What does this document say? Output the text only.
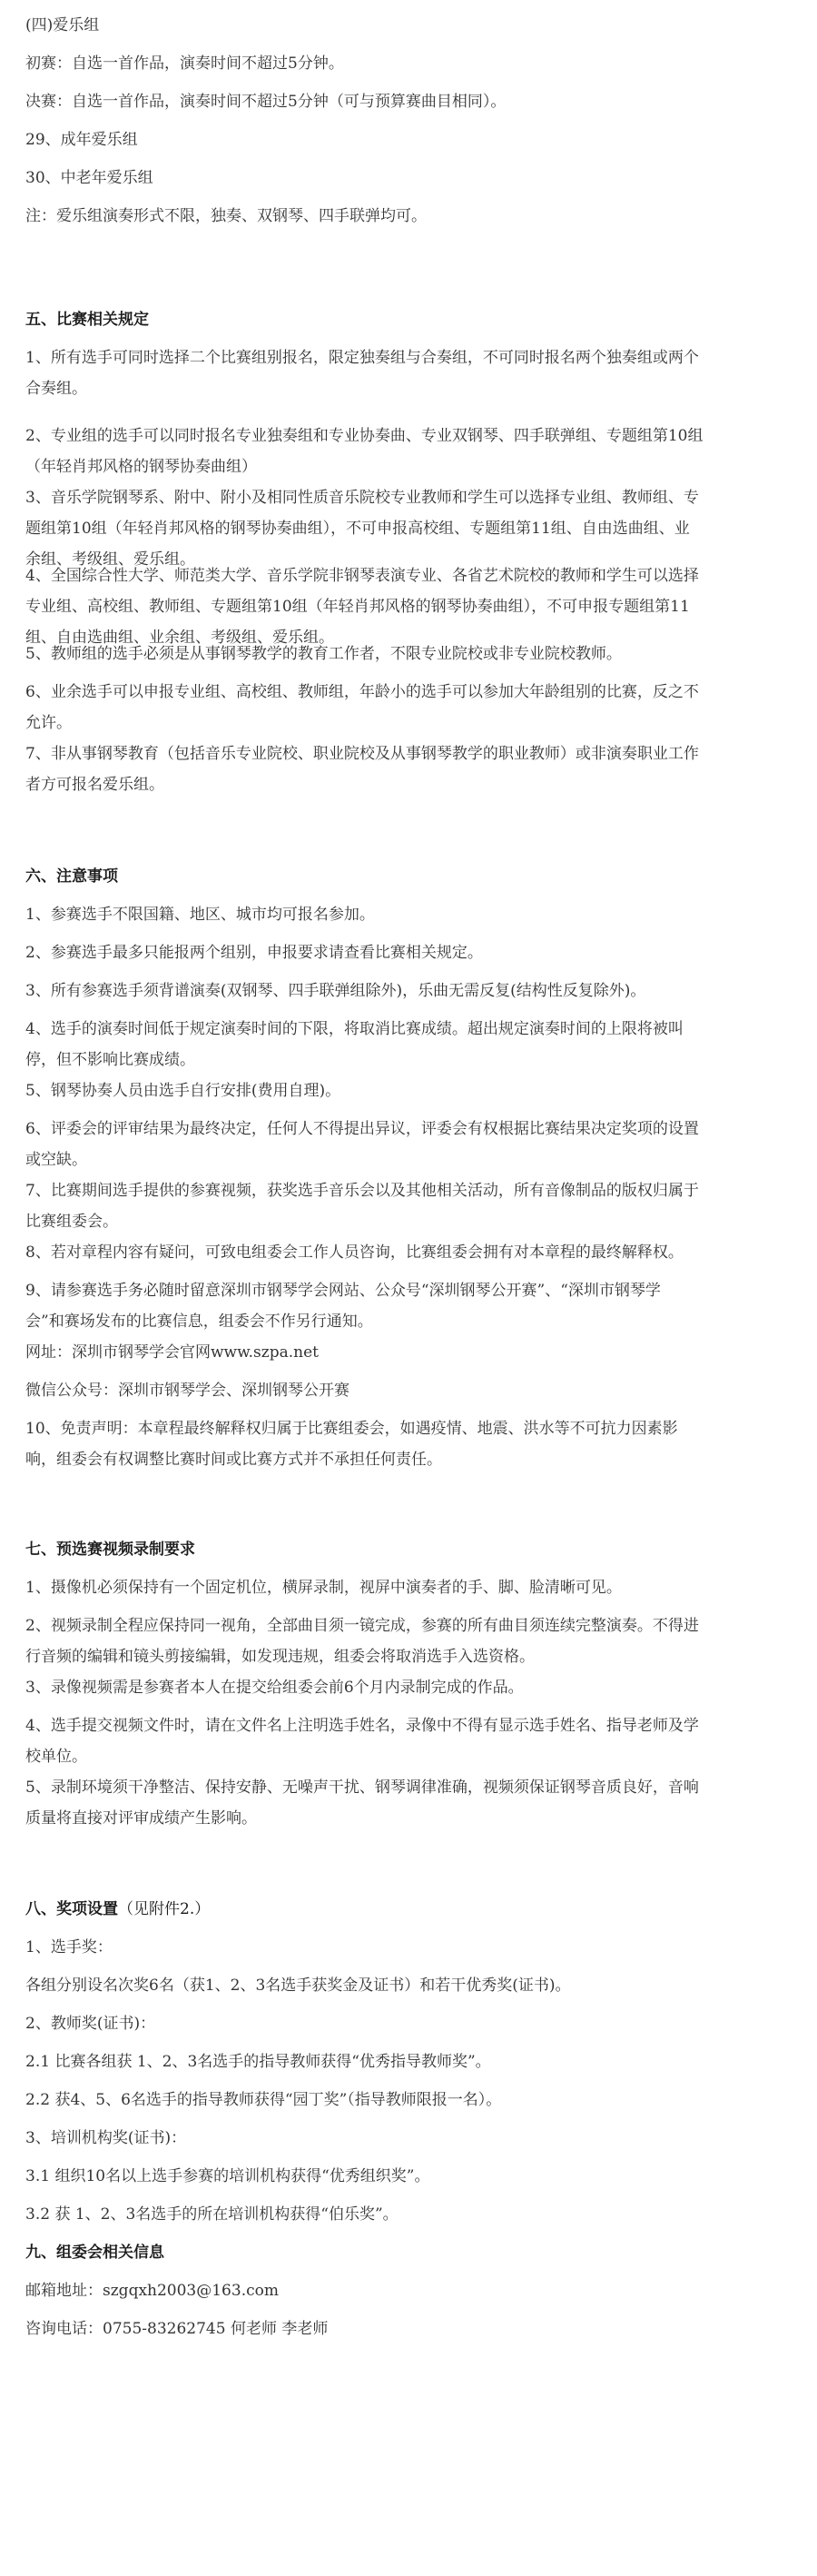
(四)爱乐组
初赛：自选一首作品，演奏时间不超过5分钟。
决赛：自选一首作品，演奏时间不超过5分钟（可与预算赛曲目相同）。
29、成年爱乐组
30、中老年爱乐组
注：爱乐组演奏形式不限，独奏、双钢琴、四手联弹均可。
五、比赛相关规定
1、所有选手可同时选择二个比赛组别报名，限定独奏组与合奏组，不可同时报名两个独奏组或两个
合奏组。
2、专业组的选手可以同时报名专业独奏组和专业协奏曲、专业双钢琴、四手联弹组、专题组第10组
（年轻肖邦风格的钢琴协奏曲组）
3、音乐学院钢琴系、附中、附小及相同性质音乐院校专业教师和学生可以选择专业组、教师组、专
题组第10组（年轻肖邦风格的钢琴协奏曲组），不可申报高校组、专题组第11组、自由选曲组、业
余组、考级组、爱乐组。
4、全国综合性大学、师范类大学、音乐学院非钢琴表演专业、各省艺术院校的教师和学生可以选择
专业组、高校组、教师组、专题组第10组（年轻肖邦风格的钢琴协奏曲组），不可申报专题组第11
组、自由选曲组、业余组、考级组、爱乐组。
5、教师组的选手必须是从事钢琴教学的教育工作者，不限专业院校或非专业院校教师。
6、业余选手可以申报专业组、高校组、教师组，年龄小的选手可以参加大年龄组别的比赛，反之不
允许。
7、非从事钢琴教育（包括音乐专业院校、职业院校及从事钢琴教学的职业教师）或非演奏职业工作
者方可报名爱乐组。
六、注意事项
1、参赛选手不限国籍、地区、城市均可报名参加。
2、参赛选手最多只能报两个组别，申报要求请查看比赛相关规定。
3、所有参赛选手须背谱演奏(双钢琴、四手联弹组除外)，乐曲无需反复(结构性反复除外)。
4、选手的演奏时间低于规定演奏时间的下限，将取消比赛成绩。超出规定演奏时间的上限将被叫
停，但不影响比赛成绩。
5、钢琴协奏人员由选手自行安排(费用自理)。
6、评委会的评审结果为最终决定，任何人不得提出异议，评委会有权根据比赛结果决定奖项的设置
或空缺。
7、比赛期间选手提供的参赛视频，获奖选手音乐会以及其他相关活动，所有音像制品的版权归属于
比赛组委会。
8、若对章程内容有疑问，可致电组委会工作人员咨询，比赛组委会拥有对本章程的最终解释权。
9、请参赛选手务必随时留意深圳市钢琴学会网站、公众号“深圳钢琴公开赛”、“深圳市钢琴学
会”和赛场发布的比赛信息，组委会不作另行通知。
网址：深圳市钢琴学会官网www.szpa.net
微信公众号：深圳市钢琴学会、深圳钢琴公开赛
10、免责声明：本章程最终解释权归属于比赛组委会，如遇疫情、地震、洪水等不可抗力因素影
响，组委会有权调整比赛时间或比赛方式并不承担任何责任。
七、预选赛视频录制要求
1、摄像机必须保持有一个固定机位，横屏录制，视屏中演奏者的手、脚、脸清晰可见。
2、视频录制全程应保持同一视角，全部曲目须一镜完成，参赛的所有曲目须连续完整演奏。不得进
行音频的编辑和镜头剪接编辑，如发现违规，组委会将取消选手入选资格。
3、录像视频需是参赛者本人在提交给组委会前6个月内录制完成的作品。
4、选手提交视频文件时，请在文件名上注明选手姓名，录像中不得有显示选手姓名、指导老师及学
校单位。
5、录制环境须干净整洁、保持安静、无噪声干扰、钢琴调律准确，视频须保证钢琴音质良好，音响
质量将直接对评审成绩产生影响。
八、奖项设置（见附件2.）
1、选手奖：
各组分别设名次奖6名（获1、2、3名选手获奖金及证书）和若干优秀奖(证书)。
2、教师奖(证书)：
2.1 比赛各组获 1、2、3名选手的指导教师获得“优秀指导教师奖”。
2.2 获4、5、6名选手的指导教师获得“园丁奖”（指导教师限报一名）。
3、培训机构奖(证书)：
3.1 组织10名以上选手参赛的培训机构获得“优秀组织奖”。
3.2 获 1、2、3名选手的所在培训机构获得“伯乐奖”。
九、组委会相关信息
邮箱地址：szgqxh2003@163.com
咨询电话：0755-83262745 何老师 李老师
